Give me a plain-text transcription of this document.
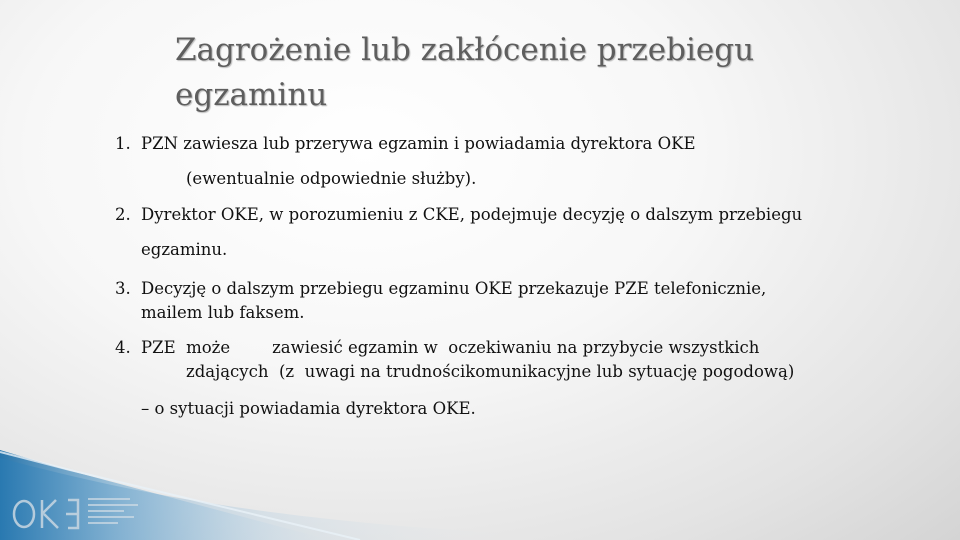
Zagrożenie lub zakłócenie przebiegu
egzaminu
1. PZN zawiesza lub przerywa egzamin i powiadamia dyrektora OKE
(ewentualnie odpowiednie służby).
2. Dyrektor OKE, w porozumieniu z CKE, podejmuje decyzję o dalszym przebiegu
egzaminu.
3. Decyzję o dalszym przebiegu egzaminu OKE przekazuje PZE telefonicznie,
mailem lub faksem.
4. PZE  może        zawiesić egzamin w  oczekiwaniu na przybycie wszystkich
zdających  (z  uwagi na trudnościkomunikacyjne lub sytuację pogodową)
– o sytuacji powiadamia dyrektora OKE.
